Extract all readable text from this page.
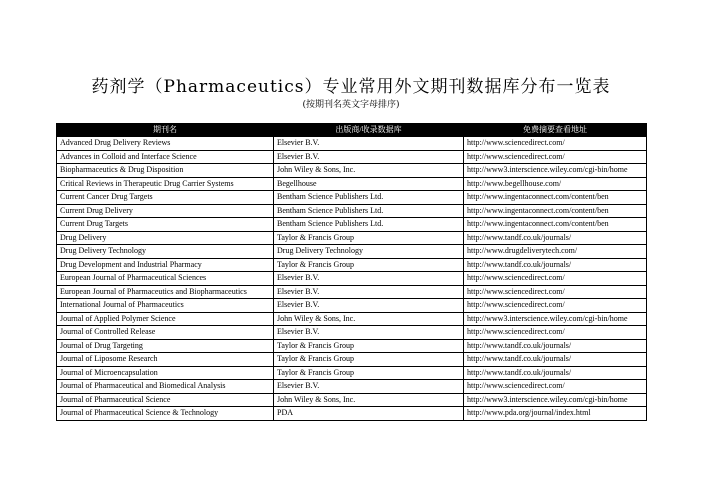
药剂学（Pharmaceutics）专业常用外文期刊数据库分布一览表
(按期刊名英文字母排序)
期刊名	出版商/收录数据库	免费摘要查看地址
Advanced Drug Delivery Reviews	Elsevier B.V.	http://www.sciencedirect.com/
Advances in Colloid and Interface Science	Elsevier B.V.	http://www.sciencedirect.com/
Biopharmaceutics & Drug Disposition	John Wiley & Sons, Inc.	http://www3.interscience.wiley.com/cgi-bin/home
Critical Reviews in Therapeutic Drug Carrier Systems	Begellhouse	http://www.begellhouse.com/
Current Cancer Drug Targets	Bentham Science Publishers Ltd.	http://www.ingentaconnect.com/content/ben
Current Drug Delivery	Bentham Science Publishers Ltd.	http://www.ingentaconnect.com/content/ben
Current Drug Targets	Bentham Science Publishers Ltd.	http://www.ingentaconnect.com/content/ben
Drug Delivery	Taylor & Francis Group	http://www.tandf.co.uk/journals/
Drug Delivery Technology	Drug Delivery Technology	http://www.drugdeliverytech.com/
Drug Development and Industrial Pharmacy	Taylor & Francis Group	http://www.tandf.co.uk/journals/
European Journal of Pharmaceutical Sciences	Elsevier B.V.	http://www.sciencedirect.com/
European Journal of Pharmaceutics and Biopharmaceutics	Elsevier B.V.	http://www.sciencedirect.com/
International Journal of Pharmaceutics	Elsevier B.V.	http://www.sciencedirect.com/
Journal of Applied Polymer Science	John Wiley & Sons, Inc.	http://www3.interscience.wiley.com/cgi-bin/home
Journal of Controlled Release	Elsevier B.V.	http://www.sciencedirect.com/
Journal of Drug Targeting	Taylor & Francis Group	http://www.tandf.co.uk/journals/
Journal of Liposome Research	Taylor & Francis Group	http://www.tandf.co.uk/journals/
Journal of Microencapsulation	Taylor & Francis Group	http://www.tandf.co.uk/journals/
Journal of Pharmaceutical and Biomedical Analysis	Elsevier B.V.	http://www.sciencedirect.com/
Journal of Pharmaceutical Science	John Wiley & Sons, Inc.	http://www3.interscience.wiley.com/cgi-bin/home
Journal of Pharmaceutical Science & Technology	PDA	http://www.pda.org/journal/index.html
